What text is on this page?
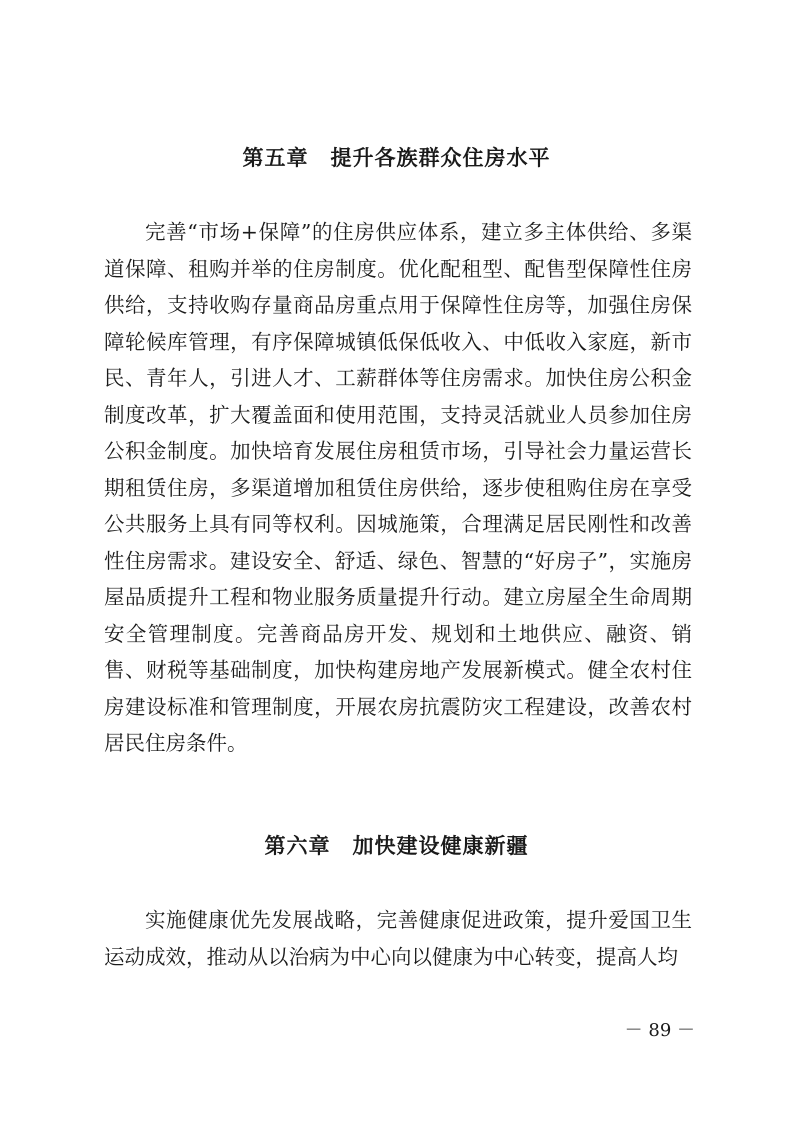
第五章　提升各族群众住房水平

完善“市场+保障”的住房供应体系，建立多主体供给、多渠道保障、租购并举的住房制度。优化配租型、配售型保障性住房供给，支持收购存量商品房重点用于保障性住房等，加强住房保障轮候库管理，有序保障城镇低保低收入、中低收入家庭，新市民、青年人，引进人才、工薪群体等住房需求。加快住房公积金制度改革，扩大覆盖面和使用范围，支持灵活就业人员参加住房公积金制度。加快培育发展住房租赁市场，引导社会力量运营长期租赁住房，多渠道增加租赁住房供给，逐步使租购住房在享受公共服务上具有同等权利。因城施策，合理满足居民刚性和改善性住房需求。建设安全、舒适、绿色、智慧的“好房子”，实施房屋品质提升工程和物业服务质量提升行动。建立房屋全生命周期安全管理制度。完善商品房开发、规划和土地供应、融资、销售、财税等基础制度，加快构建房地产发展新模式。健全农村住房建设标准和管理制度，开展农房抗震防灾工程建设，改善农村居民住房条件。

第六章　加快建设健康新疆

实施健康优先发展战略，完善健康促进政策，提升爱国卫生运动成效，推动从以治病为中心向以健康为中心转变，提高人均

－ 89 －
